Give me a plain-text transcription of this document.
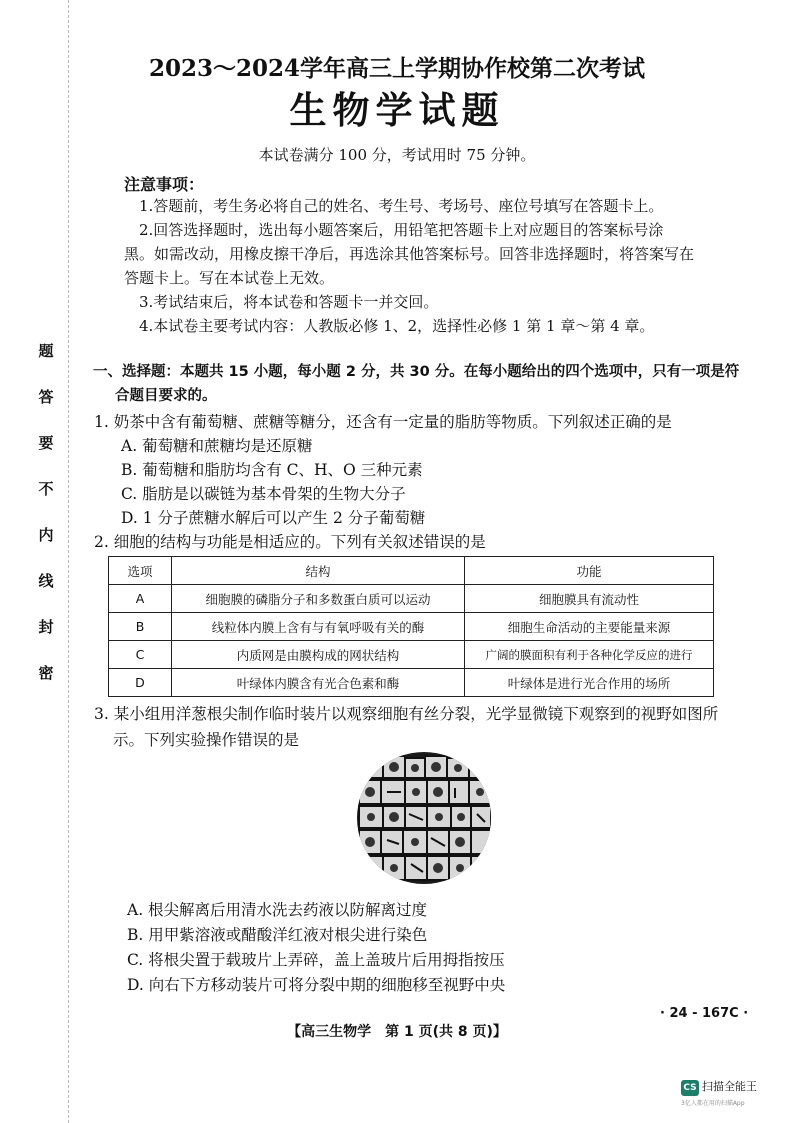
题
答
要
不
内
线
封
密
2023～2024学年高三上学期协作校第二次考试
生物学试题
本试卷满分 100 分，考试用时 75 分钟。
注意事项：
1.答题前，考生务必将自己的姓名、考生号、考场号、座位号填写在答题卡上。
2.回答选择题时，选出每小题答案后，用铅笔把答题卡上对应题目的答案标号涂
黑。如需改动，用橡皮擦干净后，再选涂其他答案标号。回答非选择题时，将答案写在
答题卡上。写在本试卷上无效。
3.考试结束后，将本试卷和答题卡一并交回。
4.本试卷主要考试内容：人教版必修 1、2，选择性必修 1 第 1 章～第 4 章。
一、选择题：本题共 15 小题，每小题 2 分，共 30 分。在每小题给出的四个选项中，只有一项是符
合题目要求的。
1. 奶茶中含有葡萄糖、蔗糖等糖分，还含有一定量的脂肪等物质。下列叙述正确的是
A. 葡萄糖和蔗糖均是还原糖
B. 葡萄糖和脂肪均含有 C、H、O 三种元素
C. 脂肪是以碳链为基本骨架的生物大分子
D. 1 分子蔗糖水解后可以产生 2 分子葡萄糖
2. 细胞的结构与功能是相适应的。下列有关叙述错误的是
选项	结构	功能
A	细胞膜的磷脂分子和多数蛋白质可以运动	细胞膜具有流动性
B	线粒体内膜上含有与有氧呼吸有关的酶	细胞生命活动的主要能量来源
C	内质网是由膜构成的网状结构	广阔的膜面积有利于各种化学反应的进行
D	叶绿体内膜含有光合色素和酶	叶绿体是进行光合作用的场所
3. 某小组用洋葱根尖制作临时装片以观察细胞有丝分裂，光学显微镜下观察到的视野如图所
示。下列实验操作错误的是
A. 根尖解离后用清水洗去药液以防解离过度
B. 用甲紫溶液或醋酸洋红液对根尖进行染色
C. 将根尖置于载玻片上弄碎，盖上盖玻片后用拇指按压
D. 向右下方移动装片可将分裂中期的细胞移至视野中央
· 24 - 167C ·
【高三生物学　第 1 页(共 8 页)】
CS 扫描全能王
3亿人都在用的扫描App
